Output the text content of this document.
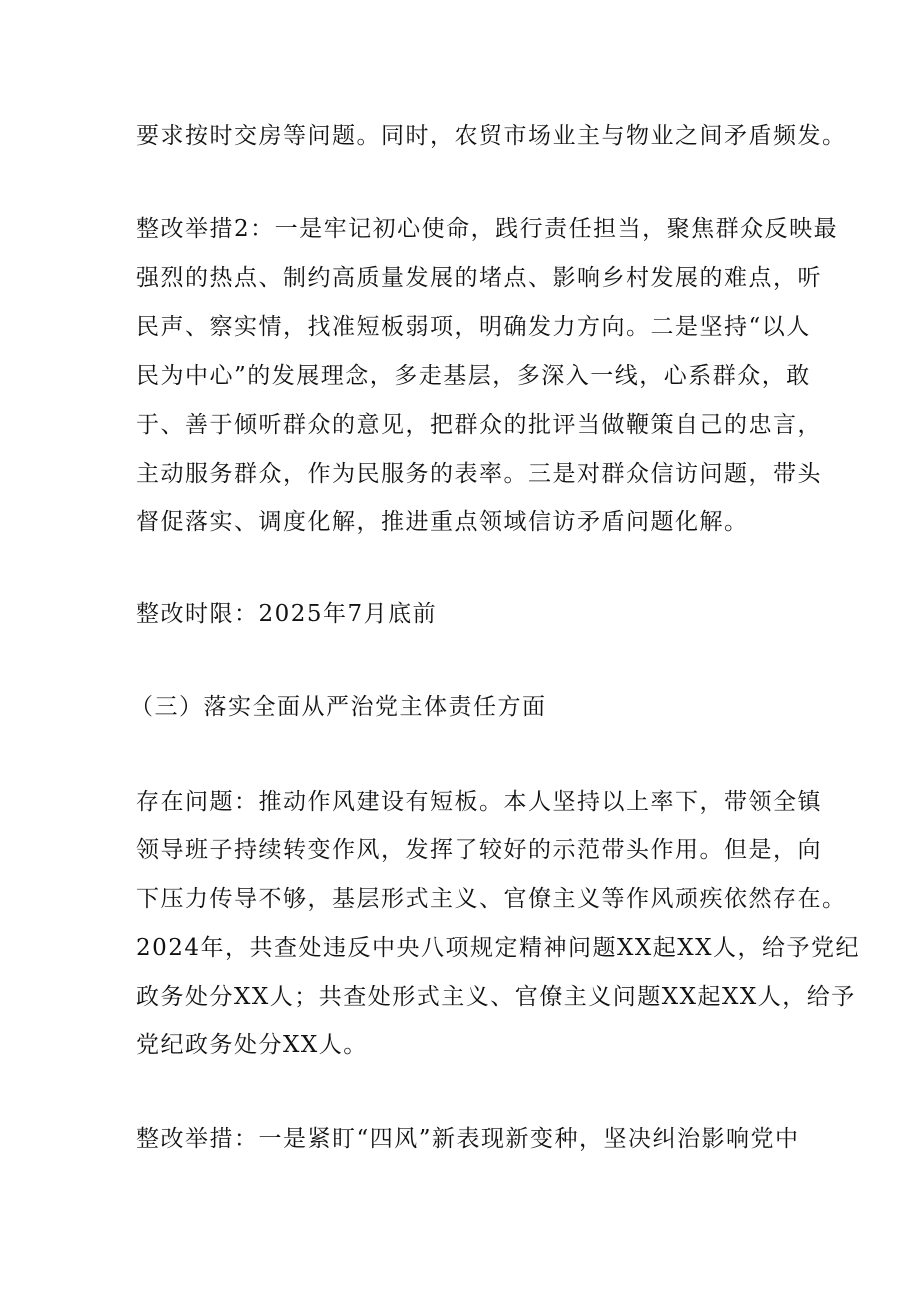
要求按时交房等问题。同时，农贸市场业主与物业之间矛盾频发。
整改举措2：一是牢记初心使命，践行责任担当，聚焦群众反映最
强烈的热点、制约高质量发展的堵点、影响乡村发展的难点，听
民声、察实情，找准短板弱项，明确发力方向。二是坚持“以人
民为中心”的发展理念，多走基层，多深入一线，心系群众，敢
于、善于倾听群众的意见，把群众的批评当做鞭策自己的忠言，
主动服务群众，作为民服务的表率。三是对群众信访问题，带头
督促落实、调度化解，推进重点领域信访矛盾问题化解。
整改时限：2025年7月底前
（三）落实全面从严治党主体责任方面
存在问题：推动作风建设有短板。本人坚持以上率下，带领全镇
领导班子持续转变作风，发挥了较好的示范带头作用。但是，向
下压力传导不够，基层形式主义、官僚主义等作风顽疾依然存在。
2024年，共查处违反中央八项规定精神问题XX起XX人，给予党纪
政务处分XX人；共查处形式主义、官僚主义问题XX起XX人，给予
党纪政务处分XX人。
整改举措：一是紧盯“四风”新表现新变种，坚决纠治影响党中
